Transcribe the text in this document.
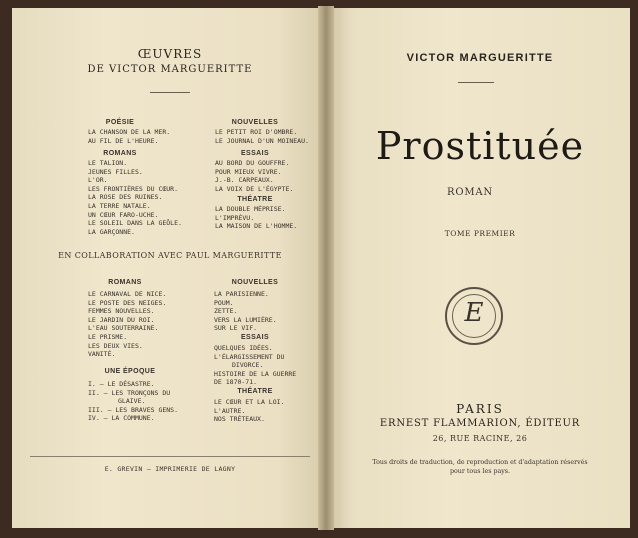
ŒUVRES
DE VICTOR MARGUERITTE
POÉSIE
LA CHANSON DE LA MER.
AU FIL DE L'HEURE.
ROMANS
LE TALION.
JEUNES FILLES.
L'OR.
LES FRONTIÈRES DU CŒUR.
LA ROSE DES RUINES.
LA TERRE NATALE.
UN CŒUR FARO-UCHE.
LE SOLEIL DANS LA GEÔLE.
LA GARÇONNE.
NOUVELLES
LE PETIT ROI D'OMBRE.
LE JOURNAL D'UN MOINEAU.
ESSAIS
AU BORD DU GOUFFRE.
POUR MIEUX VIVRE.
J.-B. CARPEAUX.
LA VOIX DE L'ÉGYPTE.
THÉATRE
LA DOUBLE MÉPRISE.
L'IMPRÉVU.
LA MAISON DE L'HOMME.
EN COLLABORATION AVEC PAUL MARGUERITTE
ROMANS
LE CARNAVAL DE NICE.
LE POSTE DES NEIGES.
FEMMES NOUVELLES.
LE JARDIN DU ROI.
L'EAU SOUTERRAINE.
LE PRISME.
LES DEUX VIES.
VANITÉ.
UNE ÉPOQUE
I. — LE DÉSASTRE.
II. — LES TRONÇONS DU
GLAIVE.
III. — LES BRAVES GENS.
IV. — LA COMMUNE.
NOUVELLES
LA PARISIENNE.
POUM.
ZETTE.
VERS LA LUMIÈRE.
SUR LE VIF.
ESSAIS
QUELQUES IDÉES.
L'ÉLARGISSEMENT DU
DIVORCE.
HISTOIRE DE LA GUERRE
DE 1870-71.
THÉATRE
LE CŒUR ET LA LOI.
L'AUTRE.
NOS TRÉTEAUX.
E. GREVIN — IMPRIMERIE DE LAGNY
VICTOR MARGUERITTE
Prostituée
ROMAN
TOME PREMIER
E
PARIS
ERNEST FLAMMARION, ÉDITEUR
26, RUE RACINE, 26
Tous droits de traduction, de reproduction et d'adaptation réservés
pour tous les pays.
